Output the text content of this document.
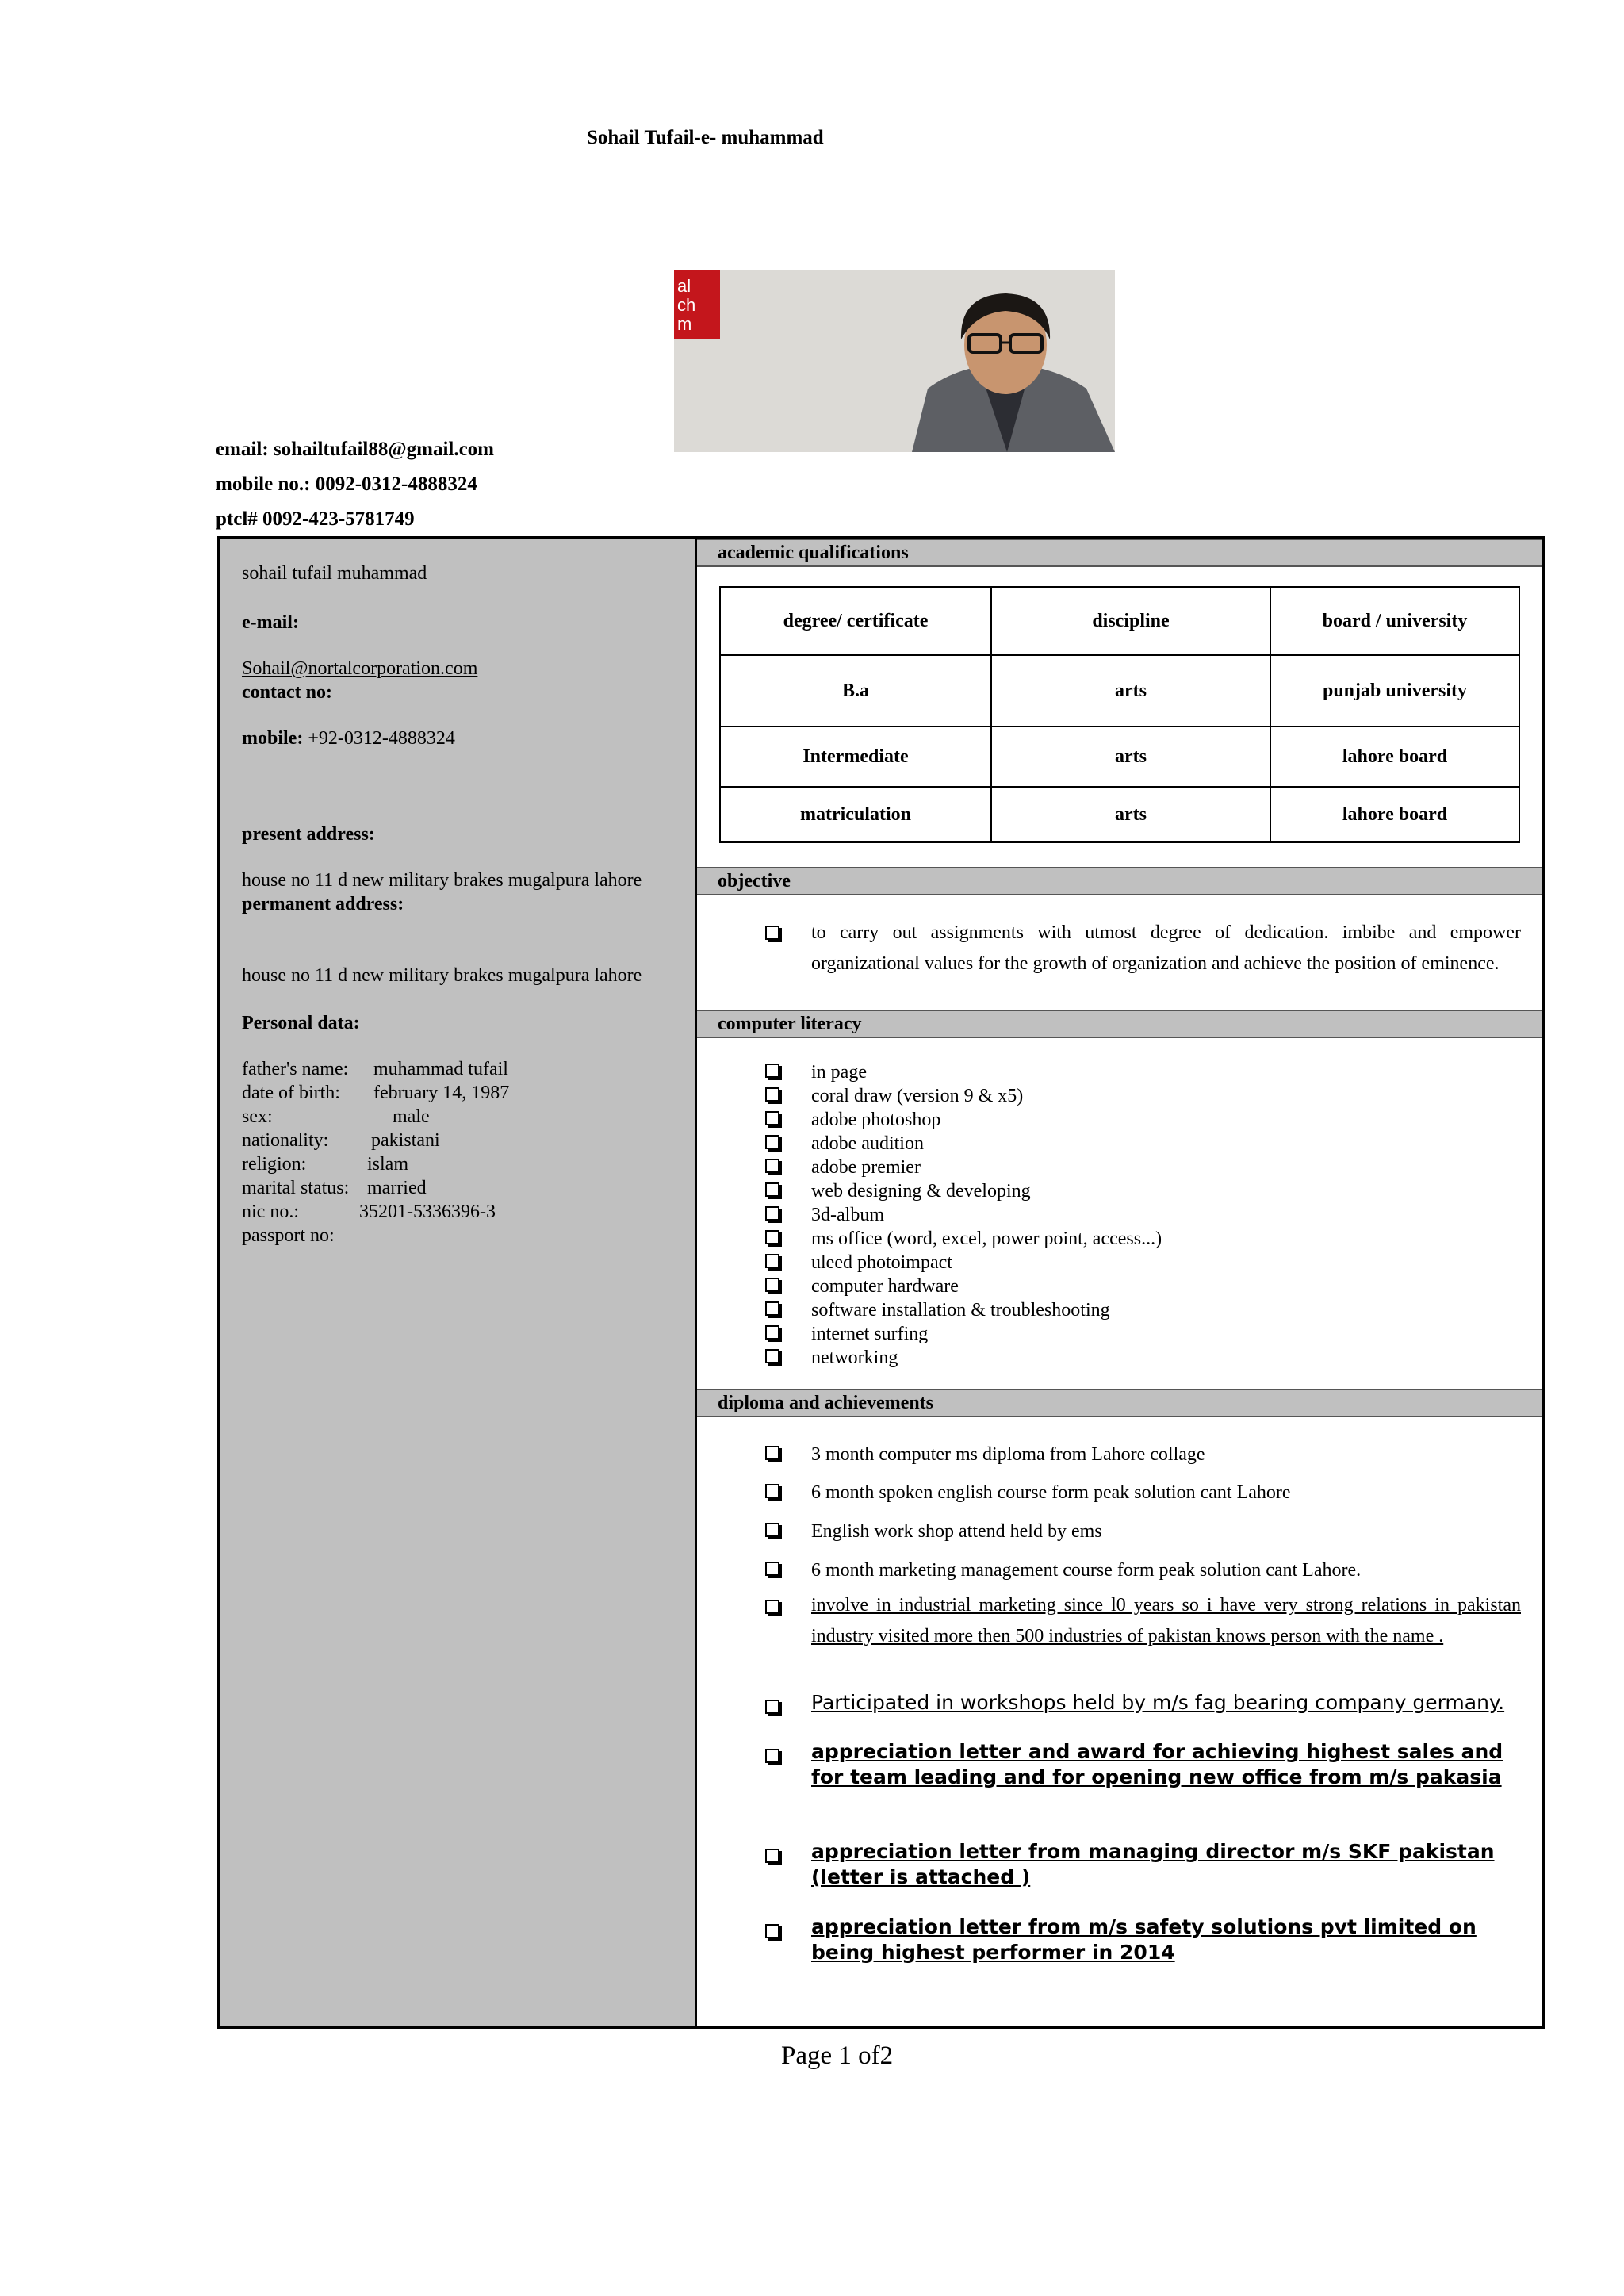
Sohail Tufail-e- muhammad
al
ch
m
email: sohailtufail88@gmail.com
mobile no.: 0092-0312-4888324
ptcl# 0092-423-5781749
sohail tufail muhammad
e-mail:
Sohail@nortalcorporation.com
contact no:
mobile: +92-0312-4888324
present address:
house no 11 d new military brakes mugalpura lahore
permanent address:
house no 11 d new military brakes mugalpura lahore
Personal data:
father's name: muhammad tufail
date of birth: february 14, 1987
sex:	male
nationality: pakistani
religion:	islam
marital status: married
nic no.:	35201-5336396-3
passport no:
academic qualifications
degree/ certificate	discipline	board / university
B.a	arts	punjab university
Intermediate	arts	lahore board
matriculation	arts	lahore board
objective
to carry out assignments with utmost degree of dedication. imbibe and empower organizational values for the growth of organization and achieve the position of eminence.
computer literacy
in page
coral draw (version 9 & x5)
adobe photoshop
adobe audition
adobe premier
web designing & developing
3d-album
ms office (word, excel, power point, access...)
uleed photoimpact
computer hardware
software installation & troubleshooting
internet surfing
networking
diploma and achievements
3 month computer ms diploma from Lahore collage
6 month spoken english course form peak solution cant Lahore
English work shop attend held by ems
6 month marketing management course form peak solution cant Lahore.
involve in industrial marketing since l0 years so i have very strong relations in pakistan industry visited more then 500 industries of pakistan knows person with the name .
Participated in workshops held by m/s fag bearing company germany.
appreciation letter and award for achieving highest sales and for team leading and for opening new office from m/s pakasia
appreciation letter from managing director m/s SKF pakistan (letter is attached )
appreciation letter from m/s safety solutions pvt limited on being highest performer in 2014
Page 1 of2
